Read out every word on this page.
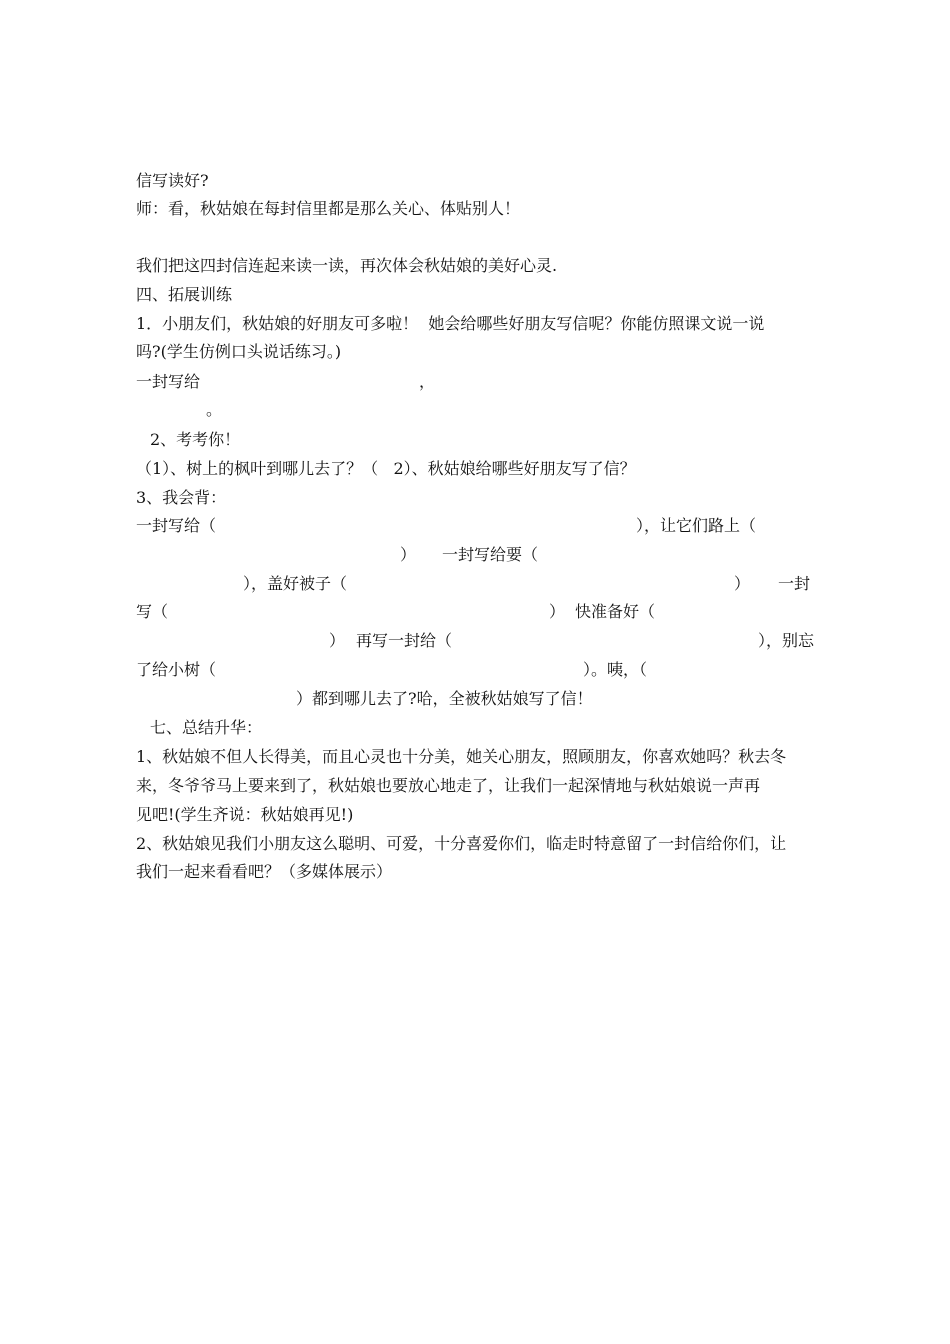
信写读好?
师：看，秋姑娘在每封信里都是那么关心、体贴别人！
我们把这四封信连起来读一读，再次体会秋姑娘的美好心灵.
四、拓展训练
1．小朋友们，秋姑娘的好朋友可多啦！  她会给哪些好朋友写信呢？你能仿照课文说一说
吗?(学生仿例口头说话练习。)
一封写给	，
。
2、考考你！
（1）、树上的枫叶到哪儿去了？（   2）、秋姑娘给哪些好朋友写了信？
3、我会背：
一封写给（	），让它们路上（
） 一封写给要（
），盖好被子（	） 一封
写（	） 快准备好（
） 再写一封给（	），别忘
了给小树（	）。咦，（
）都到哪儿去了?哈，全被秋姑娘写了信！
七、总结升华：
1、秋姑娘不但人长得美，而且心灵也十分美，她关心朋友，照顾朋友，你喜欢她吗？秋去冬
来，冬爷爷马上要来到了，秋姑娘也要放心地走了，让我们一起深情地与秋姑娘说一声再
见吧!(学生齐说：秋姑娘再见!)
2、秋姑娘见我们小朋友这么聪明、可爱，十分喜爱你们，临走时特意留了一封信给你们，让
我们一起来看看吧？（多媒体展示）
